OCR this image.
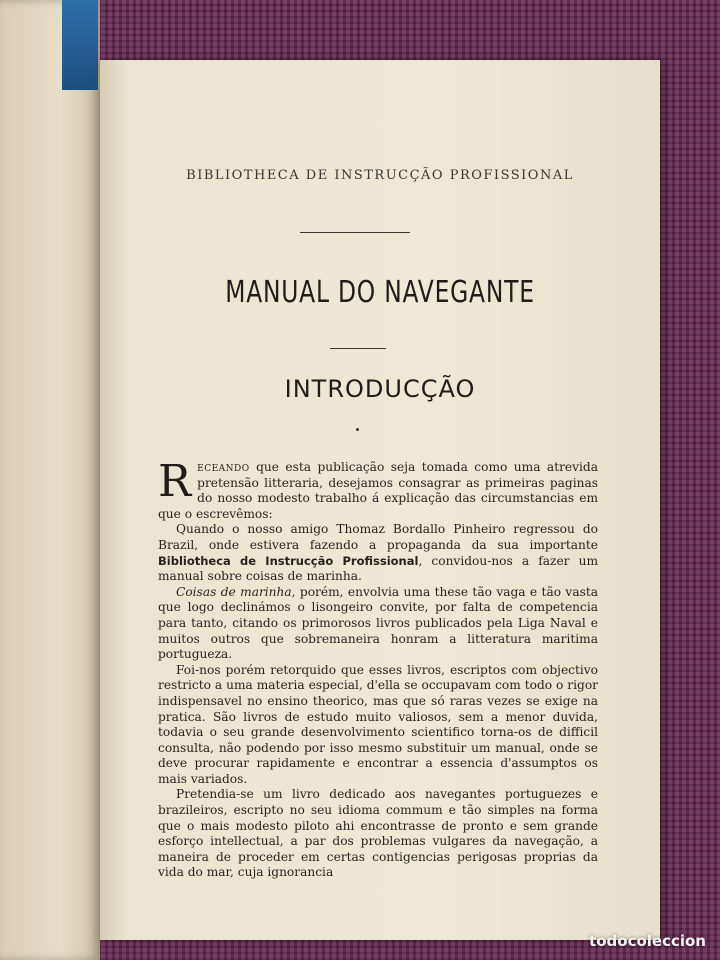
BIBLIOTHECA DE INSTRUCÇÃO PROFISSIONAL
MANUAL DO NAVEGANTE
INTRODUCÇÃO

Receando que esta publicação seja tomada como uma atrevida pretensão litteraria, desejamos consagrar as primeiras paginas do nosso modesto trabalho á explicação das circumstancias em que o escrevêmos:

Quando o nosso amigo Thomaz Bordallo Pinheiro regressou do Brazil, onde estivera fazendo a propaganda da sua importante Bibliotheca de Instrucção Profissional, convidou-nos a fazer um manual sobre coisas de marinha.

Coisas de marinha, porém, envolvia uma these tão vaga e tão vasta que logo declinámos o lisongeiro convite, por falta de competencia para tanto, citando os primorosos livros publicados pela Liga Naval e muitos outros que sobremaneira honram a litteratura maritima portugueza.

Foi-nos porém retorquido que esses livros, escriptos com objectivo restricto a uma materia especial, d'ella se occupavam com todo o rigor indispensavel no ensino theorico, mas que só raras vezes se exige na pratica. São livros de estudo muito valiosos, sem a menor duvida, todavia o seu grande desenvolvimento scientifico torna-os de difficil consulta, não podendo por isso mesmo substituir um manual, onde se deve procurar rapidamente e encontrar a essencia d'assumptos os mais variados.

Pretendia-se um livro dedicado aos navegantes portuguezes e brazileiros, escripto no seu idioma commum e tão simples na forma que o mais modesto piloto ahi encontrasse de pronto e sem grande esforço intellectual, a par dos problemas vulgares da navegação, a maneira de proceder em certas contigencias perigosas proprias da vida do mar, cuja ignorancia

todocoleccion
